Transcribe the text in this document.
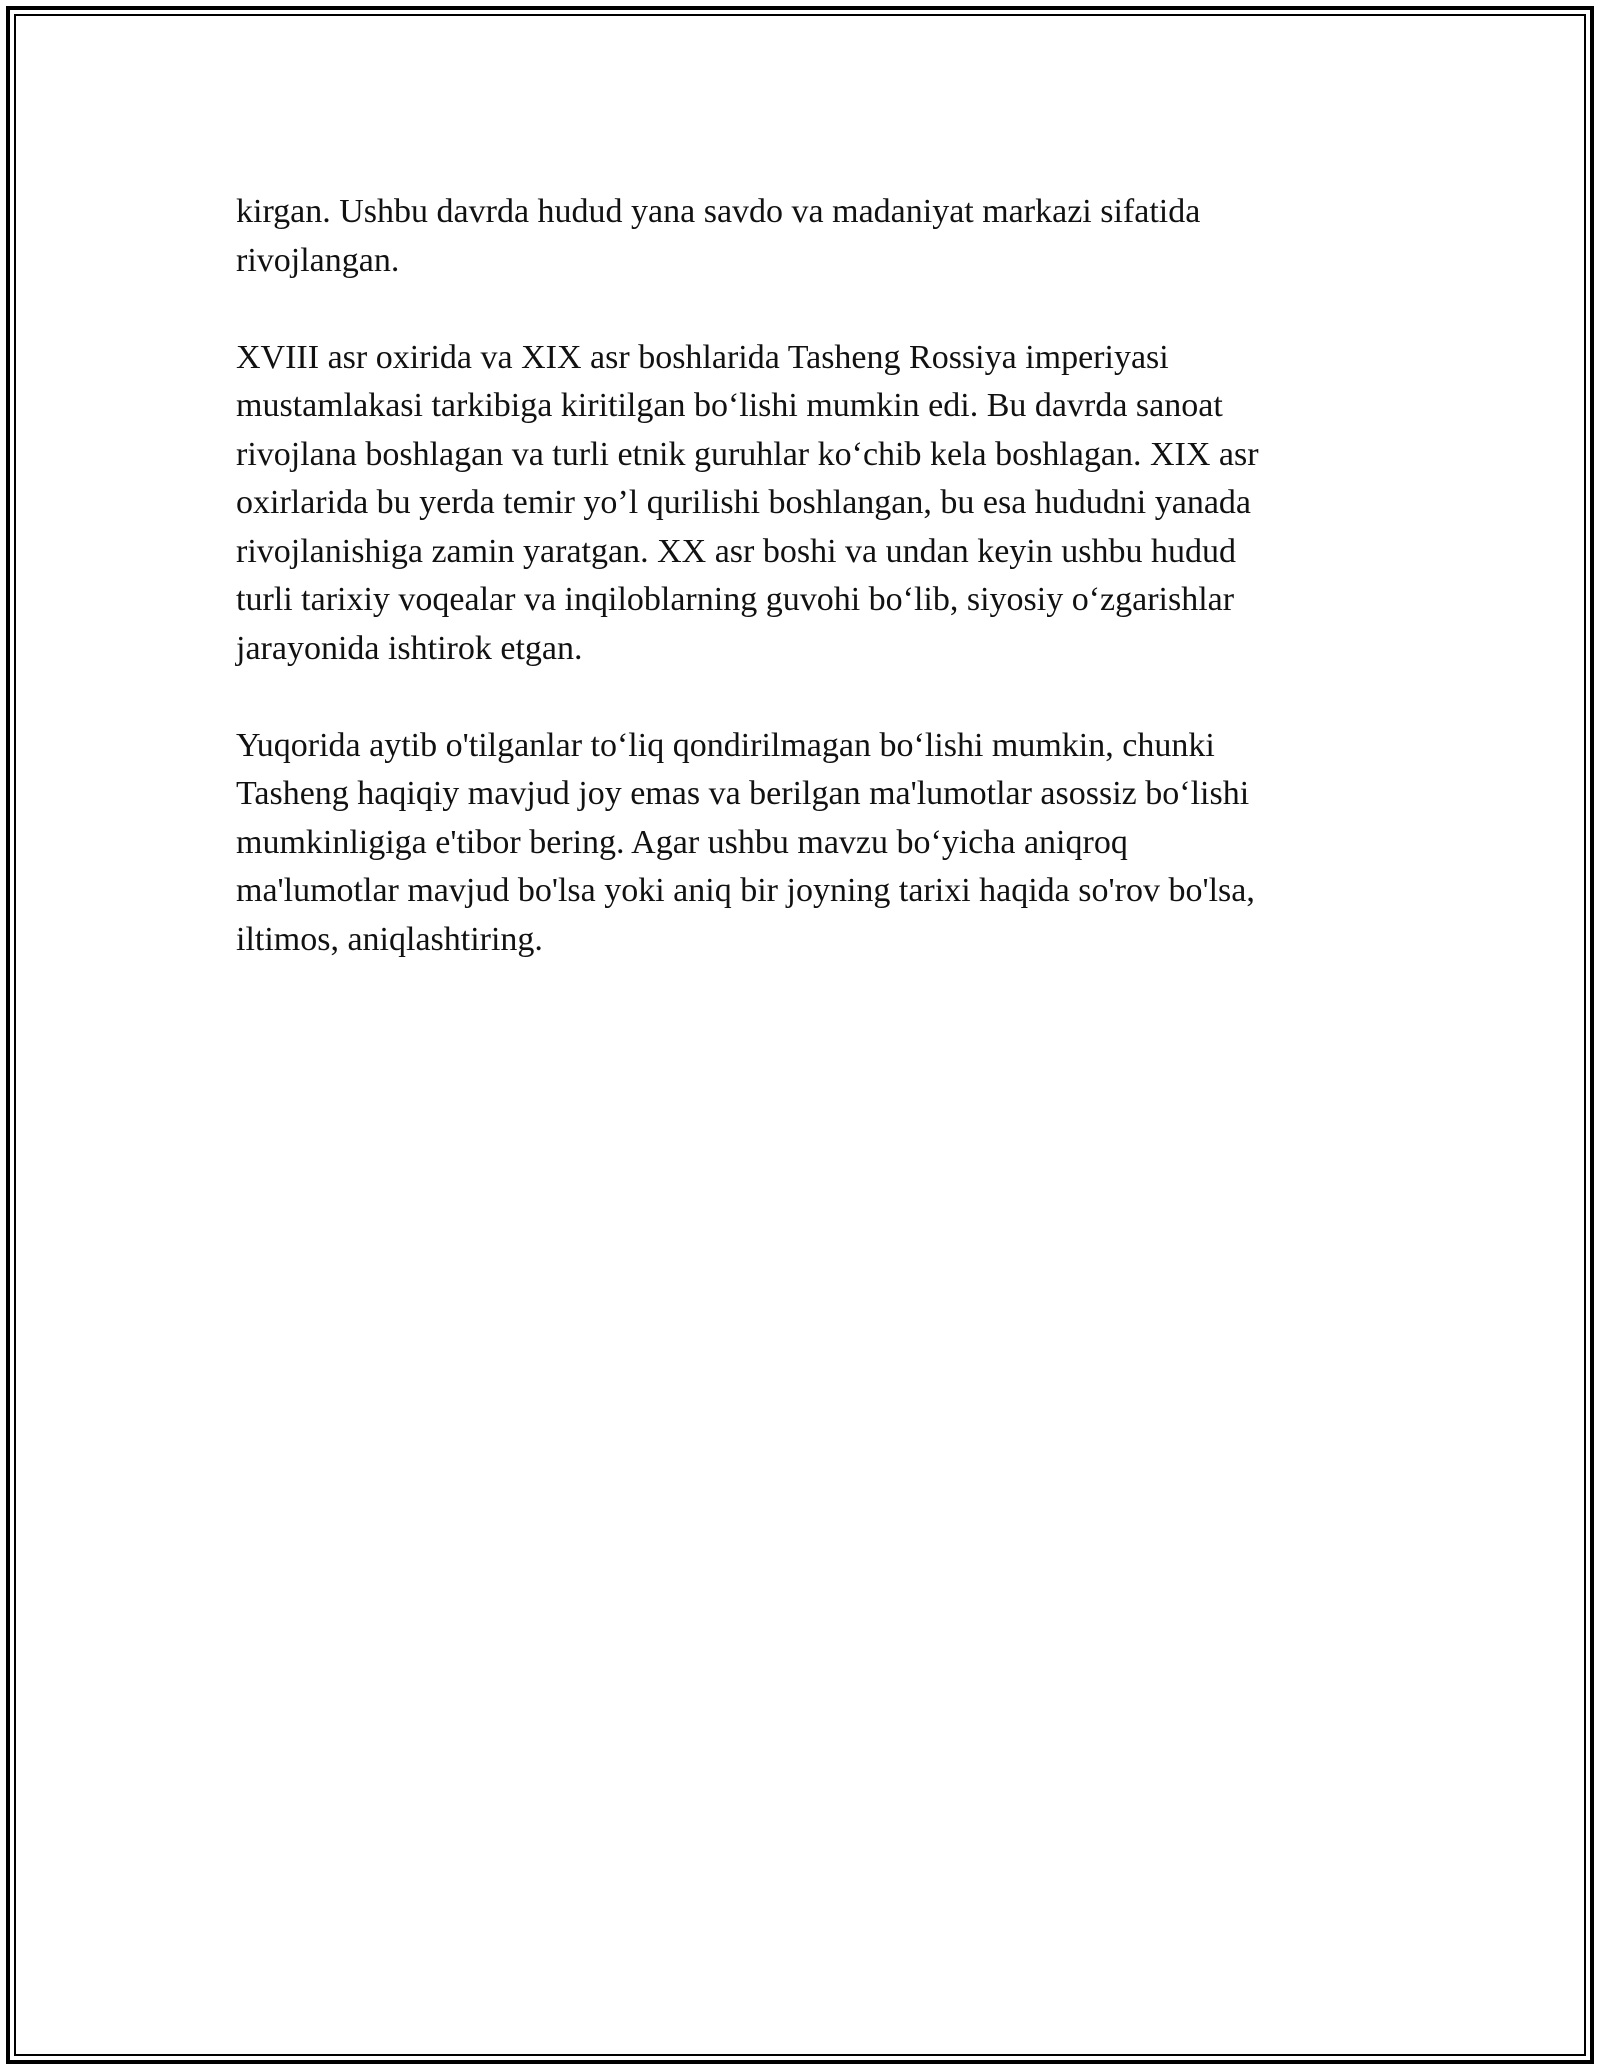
kirgan. Ushbu davrda hudud yana savdo va madaniyat markazi sifatida
rivojlangan.

XVIII asr oxirida va XIX asr boshlarida Tasheng Rossiya imperiyasi
mustamlakasi tarkibiga kiritilgan bo‘lishi mumkin edi. Bu davrda sanoat
rivojlana boshlagan va turli etnik guruhlar ko‘chib kela boshlagan. XIX asr
oxirlarida bu yerda temir yo’l qurilishi boshlangan, bu esa hududni yanada
rivojlanishiga zamin yaratgan. XX asr boshi va undan keyin ushbu hudud
turli tarixiy voqealar va inqiloblarning guvohi bo‘lib, siyosiy o‘zgarishlar
jarayonida ishtirok etgan.

Yuqorida aytib o'tilganlar to‘liq qondirilmagan bo‘lishi mumkin, chunki
Tasheng haqiqiy mavjud joy emas va berilgan ma'lumotlar asossiz bo‘lishi
mumkinligiga e'tibor bering. Agar ushbu mavzu bo‘yicha aniqroq
ma'lumotlar mavjud bo'lsa yoki aniq bir joyning tarixi haqida so'rov bo'lsa,
iltimos, aniqlashtiring.
